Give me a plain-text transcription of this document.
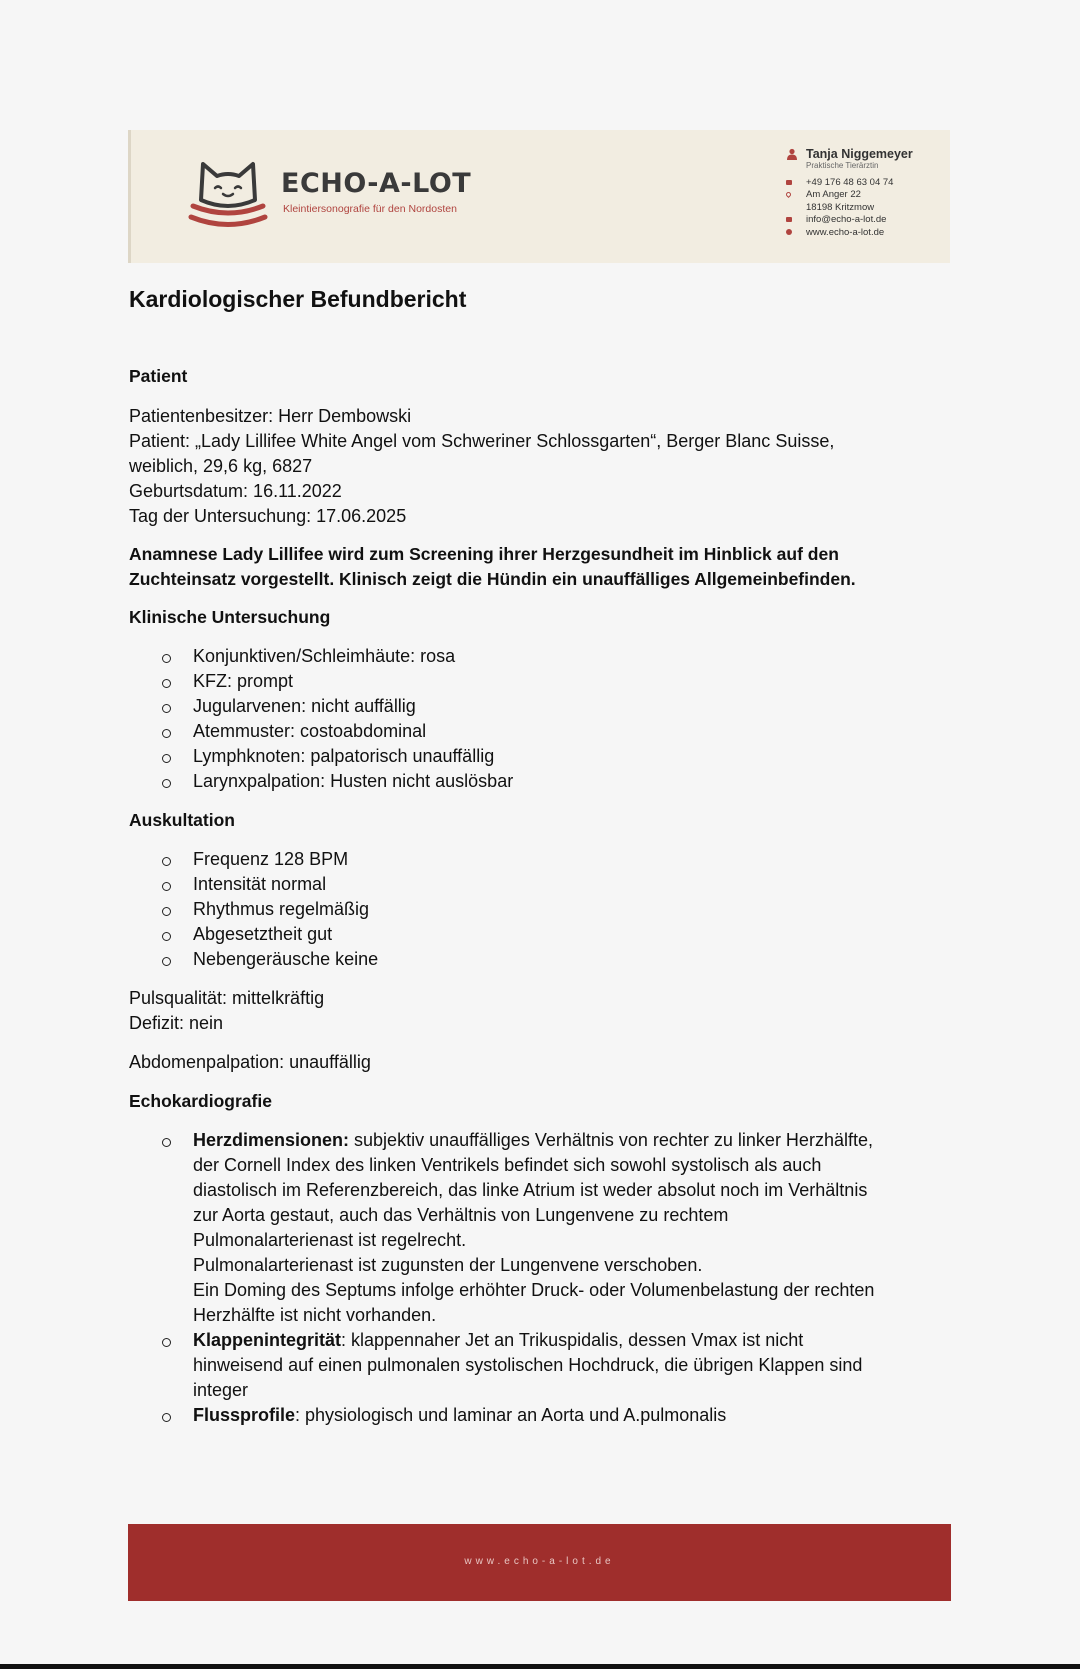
ECHO-A-LOT
Kleintiersonografie für den Nordosten
Tanja Niggemeyer
Praktische Tierärztin
+49 176 48 63 04 74
Am Anger 22
18198 Kritzmow
info@echo-a-lot.de
www.echo-a-lot.de
Kardiologischer Befundbericht
Patient
Patientenbesitzer: Herr Dembowski
Patient: „Lady Lillifee White Angel vom Schweriner Schlossgarten“, Berger Blanc Suisse,
weiblich, 29,6 kg, 6827
Geburtsdatum: 16.11.2022
Tag der Untersuchung: 17.06.2025
Anamnese Lady Lillifee wird zum Screening ihrer Herzgesundheit im Hinblick auf den
Zuchteinsatz vorgestellt. Klinisch zeigt die Hündin ein unauffälliges Allgemeinbefinden.
Klinische Untersuchung
Konjunktiven/Schleimhäute: rosa
KFZ: prompt
Jugularvenen: nicht auffällig
Atemmuster: costoabdominal
Lymphknoten: palpatorisch unauffällig
Larynxpalpation: Husten nicht auslösbar
Auskultation
Frequenz 128 BPM
Intensität normal
Rhythmus regelmäßig
Abgesetztheit gut
Nebengeräusche keine
Pulsqualität: mittelkräftig
Defizit: nein
Abdomenpalpation: unauffällig
Echokardiografie
Herzdimensionen: subjektiv unauffälliges Verhältnis von rechter zu linker Herzhälfte,
der Cornell Index des linken Ventrikels befindet sich sowohl systolisch als auch
diastolisch im Referenzbereich, das linke Atrium ist weder absolut noch im Verhältnis
zur Aorta gestaut, auch das Verhältnis von Lungenvene zu rechtem
Pulmonalarterienast ist regelrecht.
Pulmonalarterienast ist zugunsten der Lungenvene verschoben.
Ein Doming des Septums infolge erhöhter Druck- oder Volumenbelastung der rechten
Herzhälfte ist nicht vorhanden.
Klappenintegrität: klappennaher Jet an Trikuspidalis, dessen Vmax ist nicht
hinweisend auf einen pulmonalen systolischen Hochdruck, die übrigen Klappen sind
integer
Flussprofile: physiologisch und laminar an Aorta und A.pulmonalis
www.echo-a-lot.de
